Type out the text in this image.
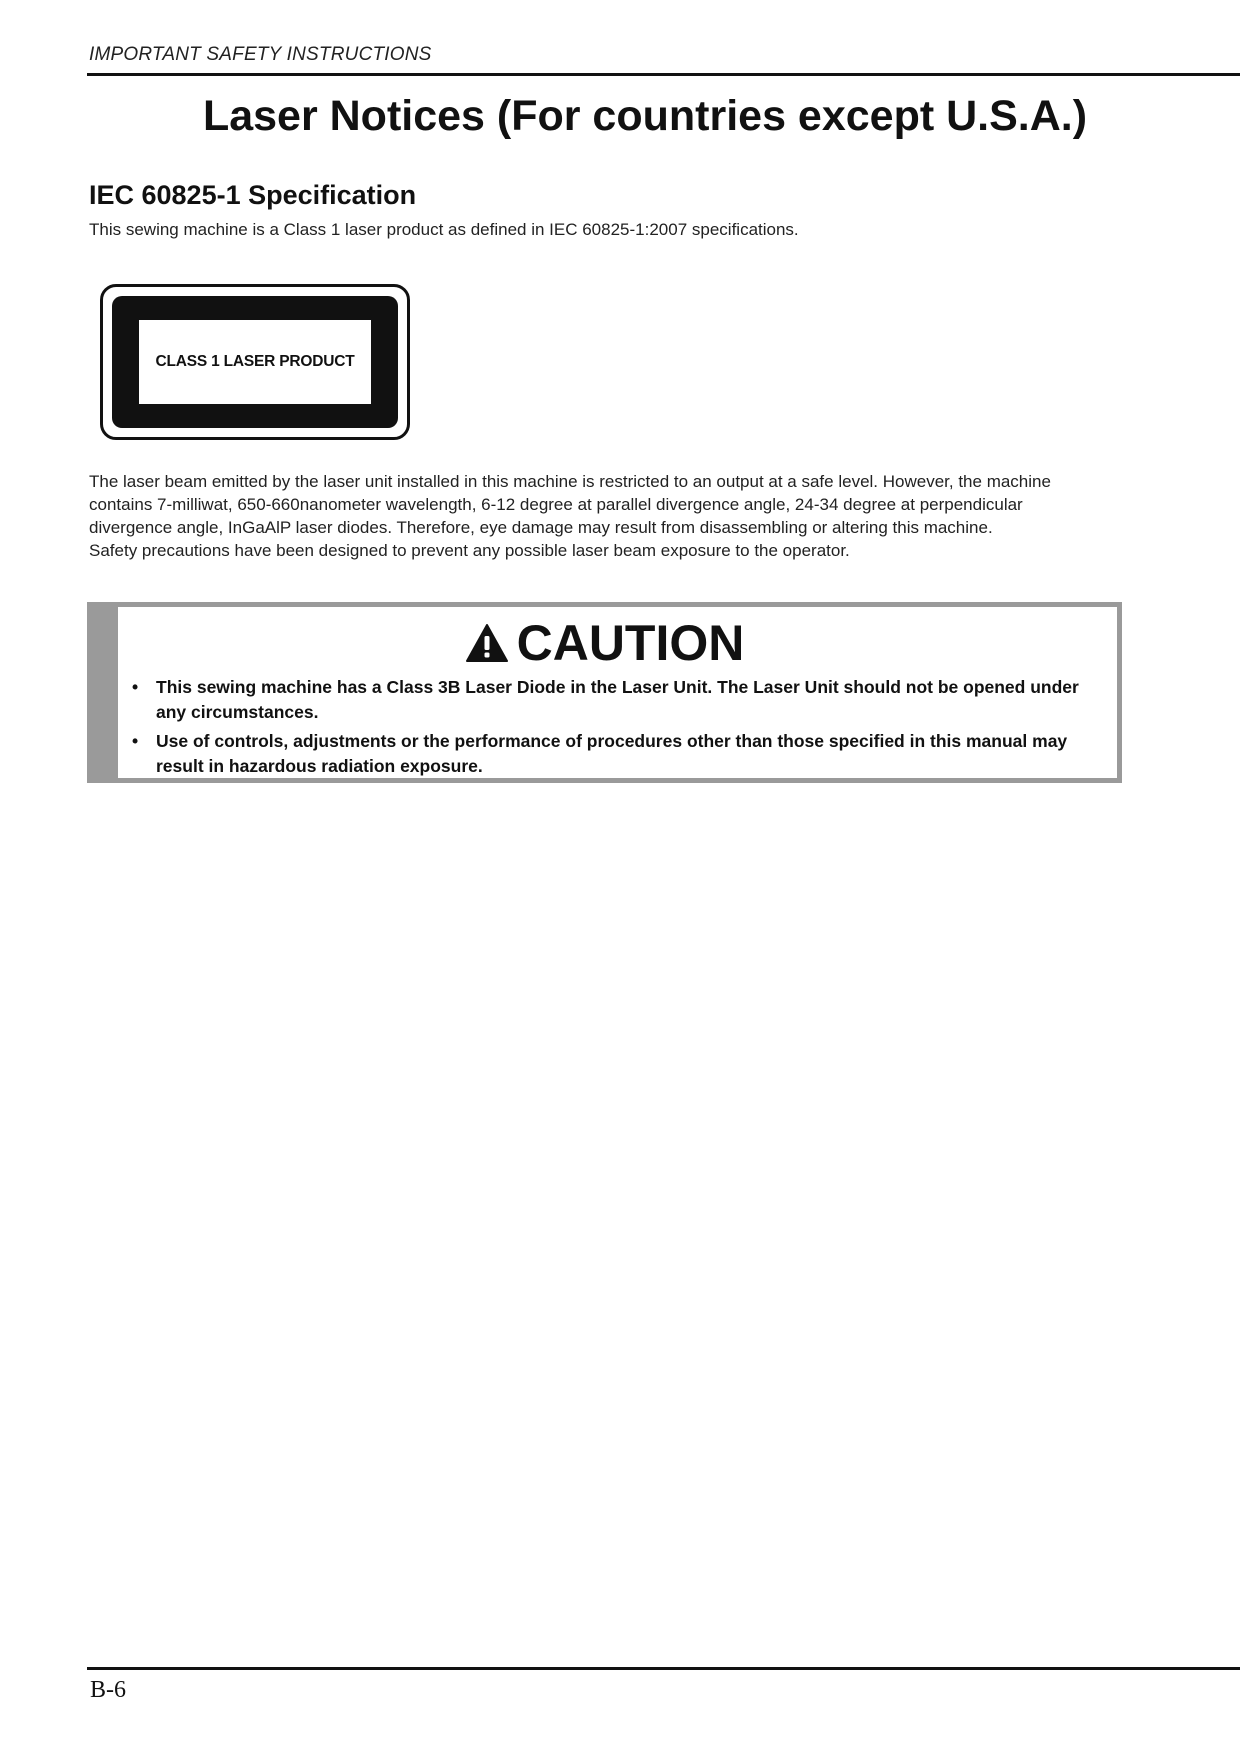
IMPORTANT SAFETY INSTRUCTIONS
Laser Notices (For countries except U.S.A.)
IEC 60825-1 Specification

This sewing machine is a Class 1 laser product as defined in IEC 60825-1:2007 specifications.

CLASS 1 LASER PRODUCT

The laser beam emitted by the laser unit installed in this machine is restricted to an output at a safe level. However, the machine
contains 7-milliwat, 650-660nanometer wavelength, 6-12 degree at parallel divergence angle, 24-34 degree at perpendicular
divergence angle, InGaAlP laser diodes. Therefore, eye damage may result from disassembling or altering this machine.
Safety precautions have been designed to prevent any possible laser beam exposure to the operator.

CAUTION
• This sewing machine has a Class 3B Laser Diode in the Laser Unit. The Laser Unit should not be opened under any circumstances.
• Use of controls, adjustments or the performance of procedures other than those specified in this manual may result in hazardous radiation exposure.
B-6
